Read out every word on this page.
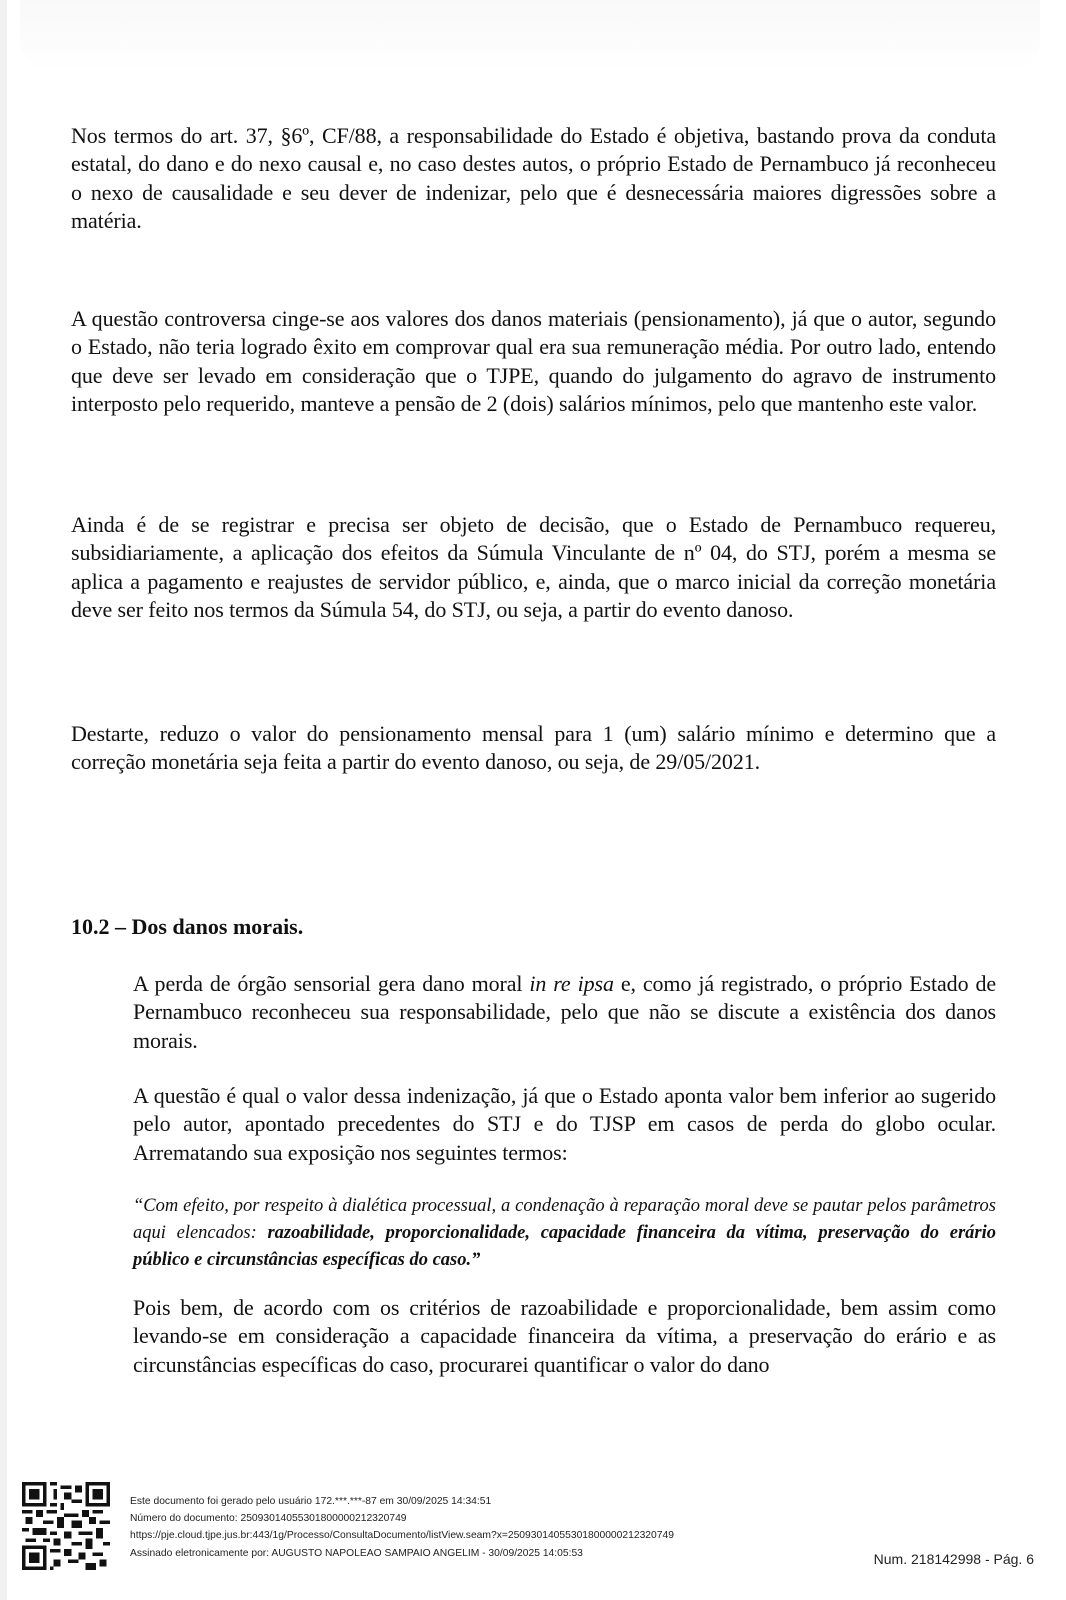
Nos termos do art. 37, §6º, CF/88, a responsabilidade do Estado é objetiva, bastando prova da conduta estatal, do dano e do nexo causal e, no caso destes autos, o próprio Estado de Pernambuco já reconheceu o nexo de causalidade e seu dever de indenizar, pelo que é desnecessária maiores digressões sobre a matéria.

A questão controversa cinge-se aos valores dos danos materiais (pensionamento), já que o autor, segundo o Estado, não teria logrado êxito em comprovar qual era sua remuneração média. Por outro lado, entendo que deve ser levado em consideração que o TJPE, quando do julgamento do agravo de instrumento interposto pelo requerido, manteve a pensão de 2 (dois) salários mínimos, pelo que mantenho este valor.

Ainda é de se registrar e precisa ser objeto de decisão, que o Estado de Pernambuco requereu, subsidiariamente, a aplicação dos efeitos da Súmula Vinculante de nº 04, do STJ, porém a mesma se aplica a pagamento e reajustes de servidor público, e, ainda, que o marco inicial da correção monetária deve ser feito nos termos da Súmula 54, do STJ, ou seja, a partir do evento danoso.

Destarte, reduzo o valor do pensionamento mensal para 1 (um) salário mínimo e determino que a correção monetária seja feita a partir do evento danoso, ou seja, de 29/05/2021.

10.2 – Dos danos morais.

A perda de órgão sensorial gera dano moral in re ipsa e, como já registrado, o próprio Estado de Pernambuco reconheceu sua responsabilidade, pelo que não se discute a existência dos danos morais.

A questão é qual o valor dessa indenização, já que o Estado aponta valor bem inferior ao sugerido pelo autor, apontado precedentes do STJ e do TJSP em casos de perda do globo ocular. Arrematando sua exposição nos seguintes termos:

“Com efeito, por respeito à dialética processual, a condenação à reparação moral deve se pautar pelos parâmetros aqui elencados: razoabilidade, proporcionalidade, capacidade financeira da vítima, preservação do erário público e circunstâncias específicas do caso.”

Pois bem, de acordo com os critérios de razoabilidade e proporcionalidade, bem assim como levando-se em consideração a capacidade financeira da vítima, a preservação do erário e as circunstâncias específicas do caso, procurarei quantificar o valor do dano

Este documento foi gerado pelo usuário 172.***.***-87 em 30/09/2025 14:34:51
Número do documento: 25093014055301800000212320749
https://pje.cloud.tjpe.jus.br:443/1g/Processo/ConsultaDocumento/listView.seam?x=25093014055301800000212320749
Assinado eletronicamente por: AUGUSTO NAPOLEAO SAMPAIO ANGELIM - 30/09/2025 14:05:53	Num. 218142998 - Pág. 6
